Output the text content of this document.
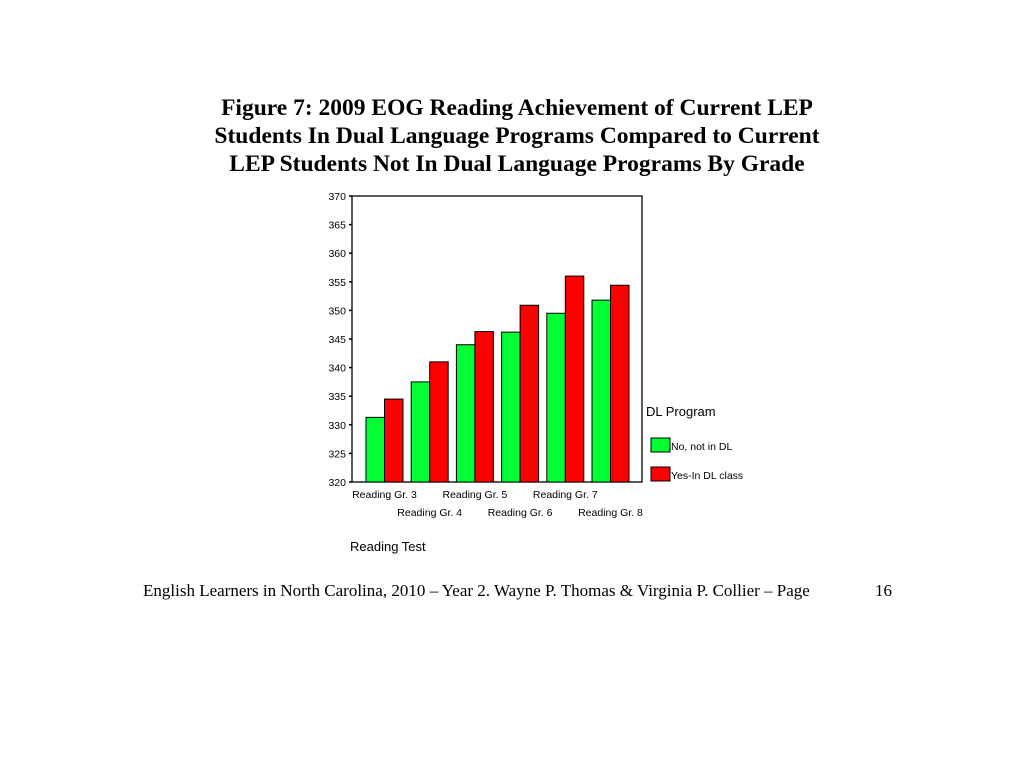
Figure 7: 2009 EOG Reading Achievement of Current LEP
Students In Dual Language Programs Compared to Current
LEP Students Not In Dual Language Programs By Grade
320
325
330
335
340
345
350
355
360
365
370
Reading Gr. 3
Reading Gr. 4
Reading Gr. 5
Reading Gr. 6
Reading Gr. 7
Reading Gr. 8
Reading Test
DL Program
No, not in DL
Yes-In DL class
English Learners in North Carolina, 2010 – Year 2. Wayne P. Thomas & Virginia P. Collier – Page	16
